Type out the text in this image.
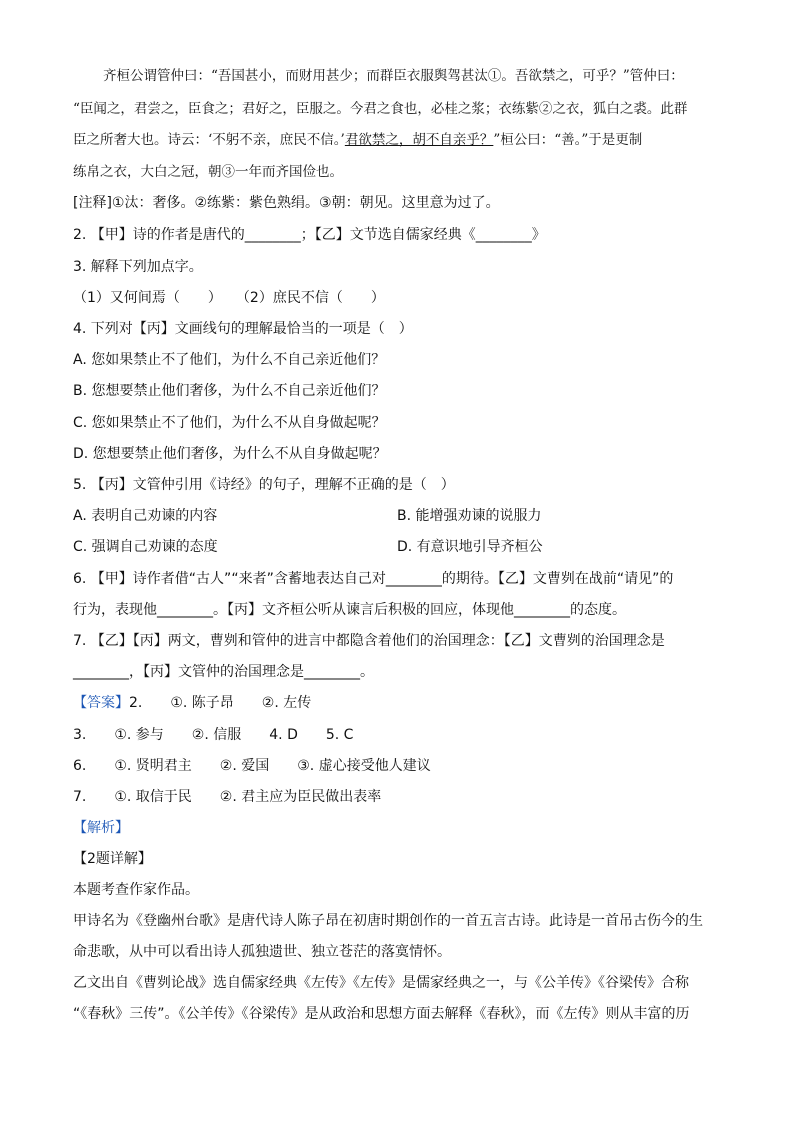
齐桓公谓管仲曰：“吾国甚小，而财用甚少；而群臣衣服舆驾甚汰①。吾欲禁之，可乎？”管仲曰：
“臣闻之，君尝之，臣食之；君好之，臣服之。今君之食也，必桂之浆；衣练紫②之衣，狐白之裘。此群
臣之所奢大也。诗云：‘不躬不亲，庶民不信。’ 君欲禁之，胡不自亲乎？ ”桓公曰：“善。”于是更制
练帛之衣，大白之冠，朝③一年而齐国俭也。
[注释]①汰：奢侈。②练紫：紫色熟绢。③朝：朝见。这里意为过了。
2. 【甲】诗的作者是唐代的________；【乙】文节选自儒家经典《________》
3. 解释下列加点字。
（1）又何间焉（　　）　　（2）庶民不信（　　）
4. 下列对【丙】文画线句的理解最恰当的一项是（　）
A. 您如果禁止不了他们，为什么不自己亲近他们？
B. 您想要禁止他们奢侈，为什么不自己亲近他们？
C. 您如果禁止不了他们，为什么不从自身做起呢？
D. 您想要禁止他们奢侈，为什么不从自身做起呢？
5. 【丙】文管仲引用《诗经》的句子，理解不正确的是（　）
A. 表明自己劝谏的内容	B. 能增强劝谏的说服力
C. 强调自己劝谏的态度	D. 有意识地引导齐桓公
6. 【甲】诗作者借“古人”“来者”含蓄地表达自己对________的期待。【乙】文曹刿在战前“请见”的
行为，表现他________。【丙】文齐桓公听从谏言后积极的回应，体现他________的态度。
7. 【乙】【丙】两文，曹刿和管仲的进言中都隐含着他们的治国理念：【乙】文曹刿的治国理念是
________，【丙】文管仲的治国理念是________。
【答案】 2.　　①. 陈子昂　　②. 左传
3.　　①. 参与　　②. 信服　　4. D　　5. C
6.　　①. 贤明君主　　②. 爱国　　③. 虚心接受他人建议
7.　　①. 取信于民　　②. 君主应为臣民做出表率
【解析】
【2题详解】
本题考查作家作品。
甲诗名为《登幽州台歌》是唐代诗人陈子昂在初唐时期创作的一首五言古诗。此诗是一首吊古伤今的生
命悲歌，从中可以看出诗人孤独遗世、独立苍茫的落寞情怀。
乙文出自《曹刿论战》选自儒家经典《左传》《左传》是儒家经典之一，与《公羊传》《谷梁传》合称
“《春秋》三传”。《公羊传》《谷梁传》是从政治和思想方面去解释《春秋》，而《左传》则从丰富的历
